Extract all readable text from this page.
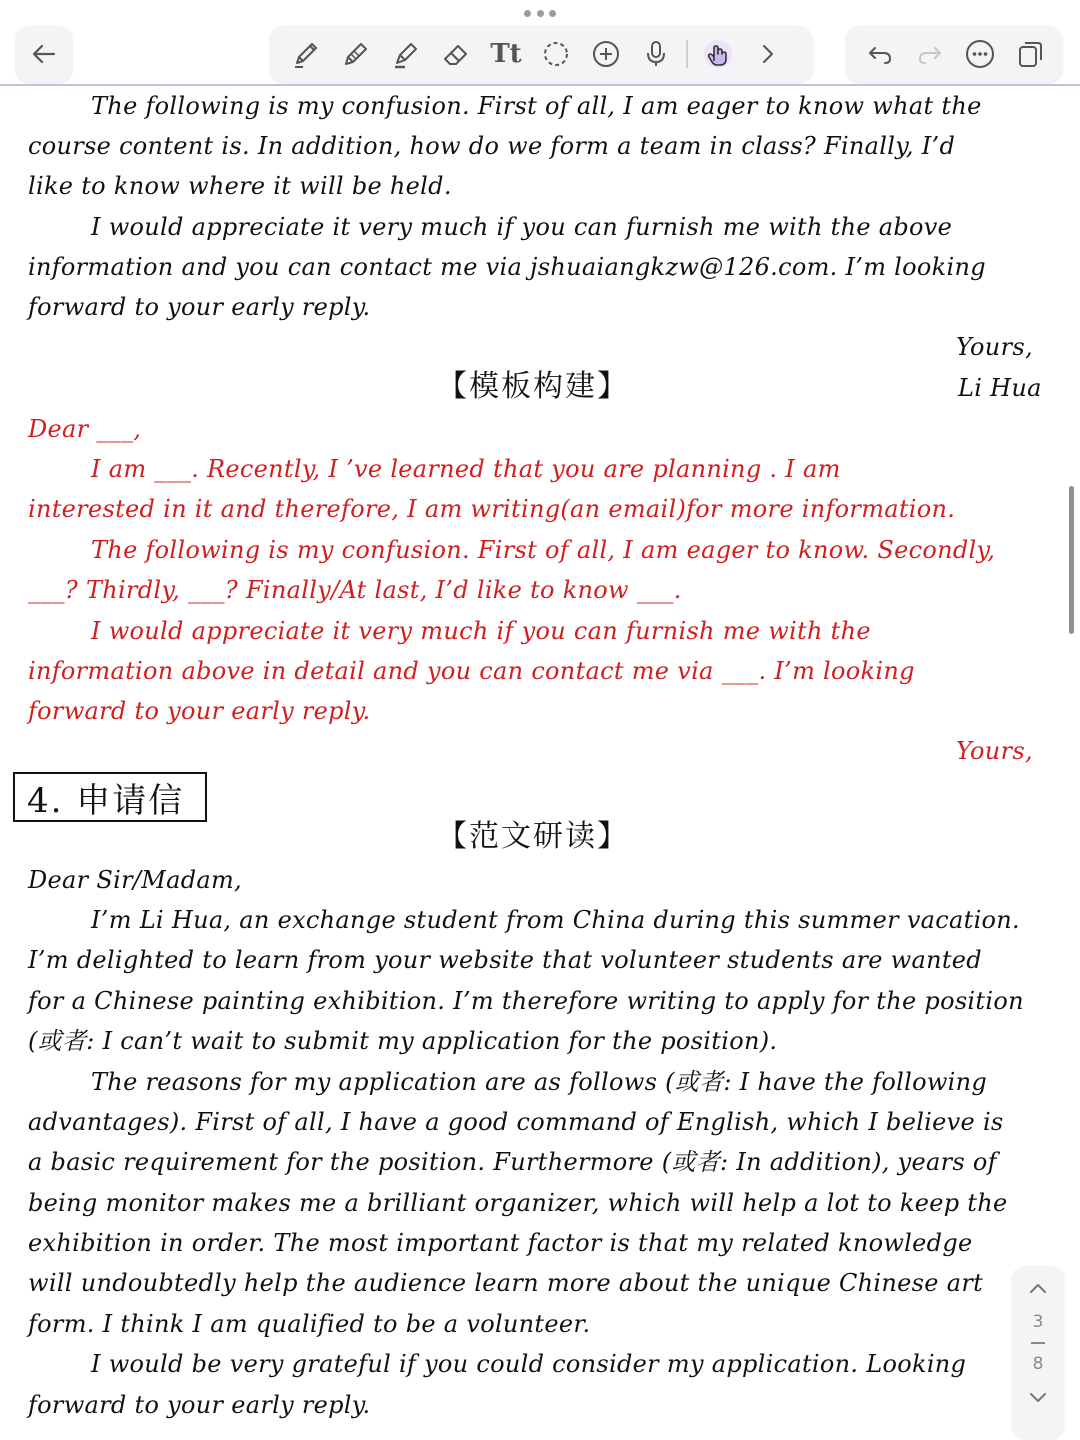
Tt
The following is my confusion. First of all, I am eager to know what the
course content is. In addition, how do we form a team in class? Finally, I’d
like to know where it will be held.
I would appreciate it very much if you can furnish me with the above
information and you can contact me via jshuaiangkzw@126.com. I’m looking
forward to your early reply.
Yours,
【模板构建】	Li Hua
Dear ___,
I am ___. Recently, I ’ve learned that you are planning . I am
interested in it and therefore, I am writing(an email)for more information.
The following is my confusion. First of all, I am eager to know. Secondly,
___? Thirdly, ___? Finally/At last, I’d like to know ___.
I would appreciate it very much if you can furnish me with the
information above in detail and you can contact me via ___. I’m looking
forward to your early reply.
Yours,
4. 申请信
【范文研读】
Dear Sir/Madam,
I’m Li Hua, an exchange student from China during this summer vacation.
I’m delighted to learn from your website that volunteer students are wanted
for a Chinese painting exhibition. I’m therefore writing to apply for the position
(或者: I can’t wait to submit my application for the position).
The reasons for my application are as follows (或者: I have the following
advantages). First of all, I have a good command of English, which I believe is
a basic requirement for the position. Furthermore (或者: In addition), years of
being monitor makes me a brilliant organizer, which will help a lot to keep the
exhibition in order. The most important factor is that my related knowledge
will undoubtedly help the audience learn more about the unique Chinese art
form. I think I am qualified to be a volunteer.
I would be very grateful if you could consider my application. Looking
forward to your early reply.
3
8
